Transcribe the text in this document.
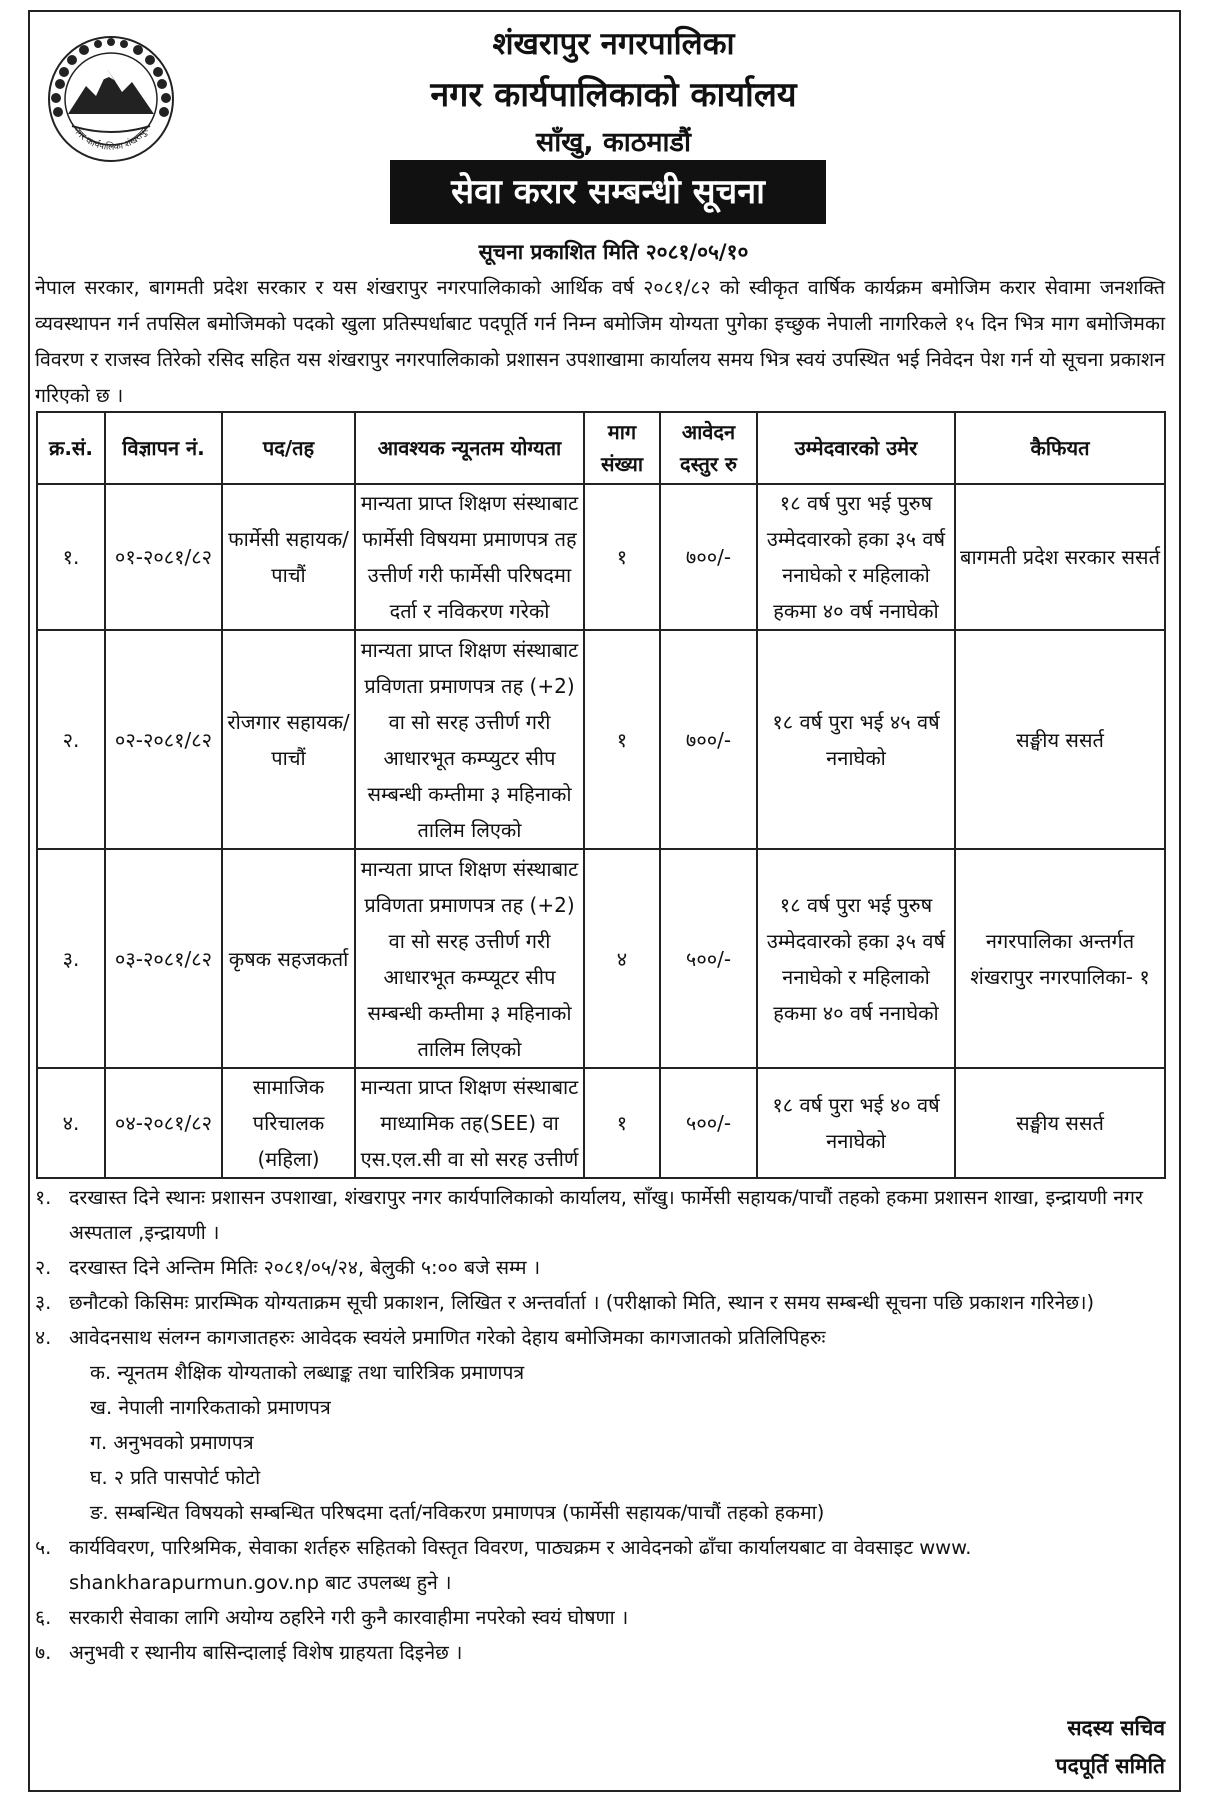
नगर कार्यपालिका शंखरापुर
शंखरापुर नगरपालिका
नगर कार्यपालिकाको कार्यालय
साँखु, काठमाडौं
सेवा करार सम्बन्धी सूचना
सूचना प्रकाशित मिति २०८१/०५/१०
नेपाल सरकार, बागमती प्रदेश सरकार र यस शंखरापुर नगरपालिकाको आर्थिक वर्ष २०८१/८२ को स्वीकृत वार्षिक कार्यक्रम बमोजिम करार सेवामा जनशक्ति व्यवस्थापन गर्न तपसिल बमोजिमको पदको खुला प्रतिस्पर्धाबाट पदपूर्ति गर्न निम्न बमोजिम योग्यता पुगेका इच्छुक नेपाली नागरिकले १५ दिन भित्र माग बमोजिमका विवरण र राजस्व तिरेको रसिद सहित यस शंखरापुर नगरपालिकाको प्रशासन उपशाखामा कार्यालय समय भित्र स्वयं उपस्थित भई निवेदन पेश गर्न यो सूचना प्रकाशन गरिएको छ ।
क्र.सं.	विज्ञापन नं.	पद/तह	आवश्यक न्यूनतम योग्यता	माग संख्या	आवेदन दस्तुर रु	उम्मेदवारको उमेर	कैफियत
१.	०१-२०८१/८२	फार्मेसी सहायक/पाचौं	मान्यता प्राप्त शिक्षण संस्थाबाट फार्मेसी विषयमा प्रमाणपत्र तह उत्तीर्ण गरी फार्मेसी परिषदमा दर्ता र नविकरण गरेको	१	७००/-	१८ वर्ष पुरा भई पुरुष उम्मेदवारको हका ३५ वर्ष ननाघेको र महिलाको हकमा ४० वर्ष ननाघेको	बागमती प्रदेश सरकार ससर्त
२.	०२-२०८१/८२	रोजगार सहायक/पाचौं	मान्यता प्राप्त शिक्षण संस्थाबाट प्रविणता प्रमाणपत्र तह (+2) वा सो सरह उत्तीर्ण गरी आधारभूत कम्प्युटर सीप सम्बन्धी कम्तीमा ३ महिनाको तालिम लिएको	१	७००/-	१८ वर्ष पुरा भई ४५ वर्ष ननाघेको	सङ्घीय ससर्त
३.	०३-२०८१/८२	कृषक सहजकर्ता	मान्यता प्राप्त शिक्षण संस्थाबाट प्रविणता प्रमाणपत्र तह (+2) वा सो सरह उत्तीर्ण गरी आधारभूत कम्प्यूटर सीप सम्बन्धी कम्तीमा ३ महिनाको तालिम लिएको	४	५००/-	१८ वर्ष पुरा भई पुरुष उम्मेदवारको हका ३५ वर्ष ननाघेको र महिलाको हकमा ४० वर्ष ननाघेको	नगरपालिका अन्तर्गत शंखरापुर नगरपालिका- १
४.	०४-२०८१/८२	सामाजिक परिचालक (महिला)	मान्यता प्राप्त शिक्षण संस्थाबाट माध्यामिक तह(SEE) वा एस.एल.सी वा सो सरह उत्तीर्ण	१	५००/-	१८ वर्ष पुरा भई ४० वर्ष ननाघेको	सङ्घीय ससर्त
१. दरखास्त दिने स्थानः प्रशासन उपशाखा, शंखरापुर नगर कार्यपालिकाको कार्यालय, साँखु। फार्मेसी सहायक/पाचौं तहको हकमा प्रशासन शाखा, इन्द्रायणी नगर अस्पताल ,इन्द्रायणी ।
२. दरखास्त दिने अन्तिम मितिः २०८१/०५/२४, बेलुकी ५:०० बजे सम्म ।
३. छनौटको किसिमः प्रारम्भिक योग्यताक्रम सूची प्रकाशन, लिखित र अन्तर्वार्ता । (परीक्षाको मिति, स्थान र समय सम्बन्धी सूचना पछि प्रकाशन गरिनेछ।)
४. आवेदनसाथ संलग्न कागजातहरुः आवेदक स्वयंले प्रमाणित गरेको देहाय बमोजिमका कागजातको प्रतिलिपिहरुः
क. न्यूनतम शैक्षिक योग्यताको लब्धाङ्क तथा चारित्रिक प्रमाणपत्र
ख. नेपाली नागरिकताको प्रमाणपत्र
ग. अनुभवको प्रमाणपत्र
घ. २ प्रति पासपोर्ट फोटो
ङ. सम्बन्धित विषयको सम्बन्धित परिषदमा दर्ता/नविकरण प्रमाणपत्र (फार्मेसी सहायक/पाचौं तहको हकमा)
५. कार्यविवरण, पारिश्रमिक, सेवाका शर्तहरु सहितको विस्तृत विवरण, पाठ्यक्रम र आवेदनको ढाँचा कार्यालयबाट वा वेवसाइट www. shankharapurmun.gov.np बाट उपलब्ध हुने ।
६. सरकारी सेवाका लागि अयोग्य ठहरिने गरी कुनै कारवाहीमा नपरेको स्वयं घोषणा ।
७. अनुभवी र स्थानीय बासिन्दालाई विशेष ग्राहयता दिइनेछ ।
सदस्य सचिव
पदपूर्ति समिति
